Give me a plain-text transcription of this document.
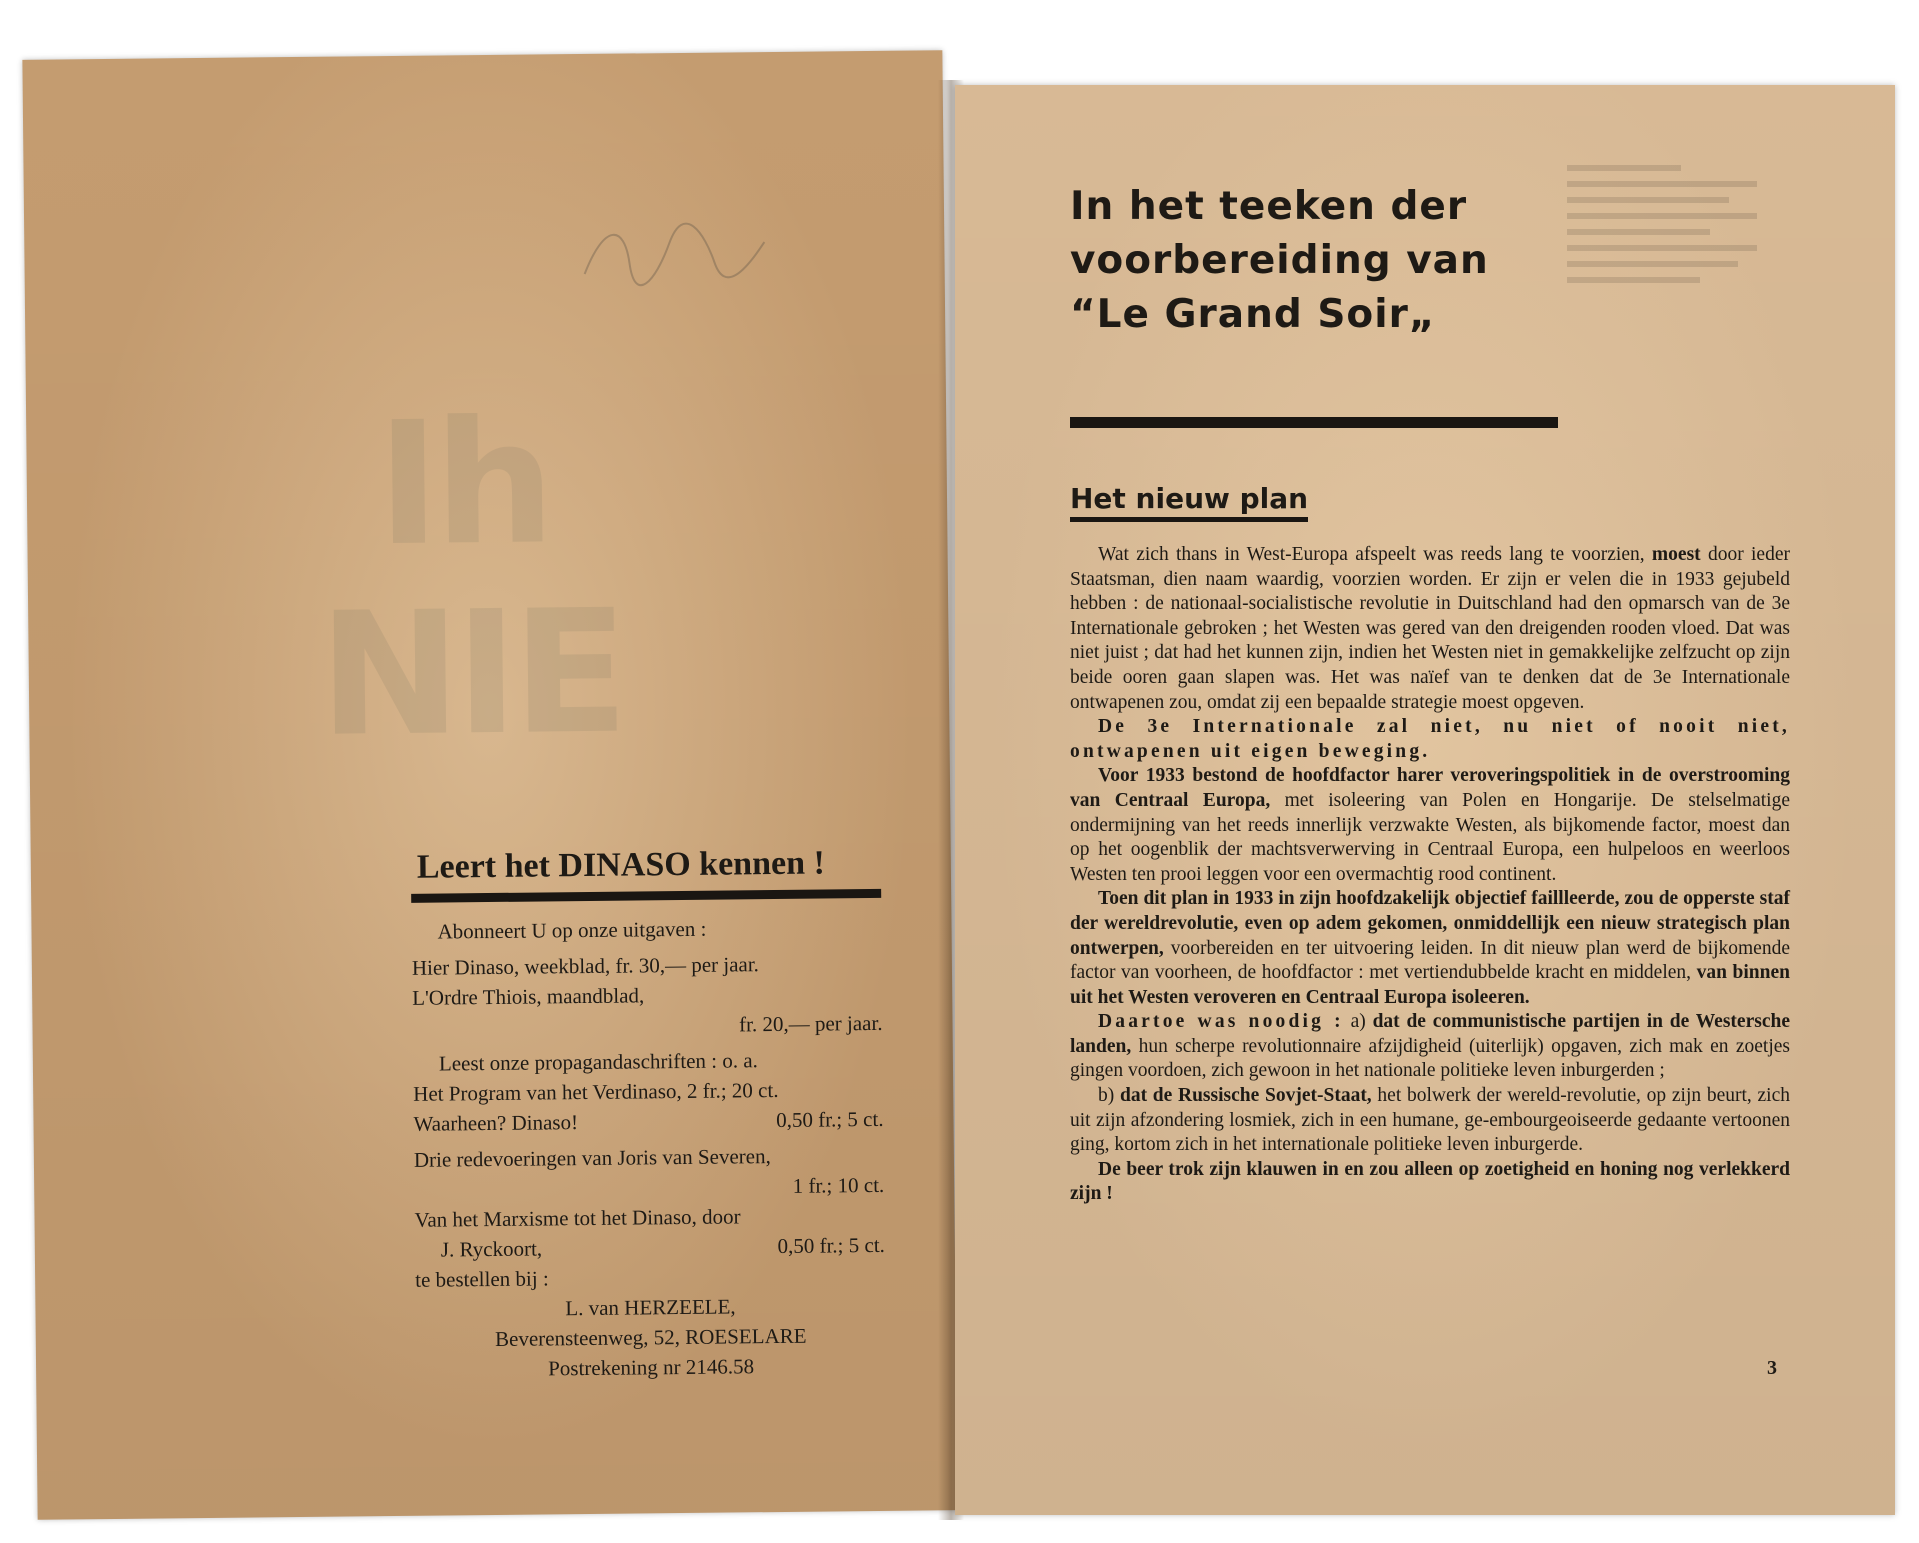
Ih
NIE
Leert het DINASO kennen !

Abonneert U op onze uitgaven :

Hier Dinaso, weekblad, fr. 30,— per jaar.

L'Ordre Thiois, maandblad,

fr. 20,— per jaar.

Leest onze propagandaschriften : o. a.

Het Program van het Verdinaso, 2 fr.; 20 ct.
Waarheen? Dinaso!	0,50 fr.; 5 ct.

Drie redevoeringen van Joris van Severen,

1 fr.; 10 ct.

Van het Marxisme tot het Dinaso, door

J. Ryckoort,	0,50 fr.; 5 ct.

te bestellen bij :

L. van HERZEELE,

Beverensteenweg, 52, ROESELARE

Postrekening nr 2146.58

In het teeken der
voorbereiding van
“Le Grand Soir„
Het nieuw plan

Wat zich thans in West-Europa afspeelt was reeds lang te voorzien, moest door ieder Staatsman, dien naam waardig, voorzien worden. Er zijn er velen die in 1933 gejubeld hebben : de nationaal-socialistische revolutie in Duitschland had den opmarsch van de 3e Internationale gebroken ; het Westen was gered van den dreigenden rooden vloed. Dat was niet juist ; dat had het kunnen zijn, indien het Westen niet in gemakkelijke zelfzucht op zijn beide ooren gaan slapen was. Het was naïef van te denken dat de 3e Internationale ontwapenen zou, omdat zij een bepaalde strategie moest opgeven.

De 3e Internationale zal niet, nu niet of nooit niet, ontwapenen uit eigen beweging.

Voor 1933 bestond de hoofdfactor harer veroveringspolitiek in de overstrooming van Centraal Europa, met isoleering van Polen en Hongarije. De stelselmatige ondermijning van het reeds innerlijk verzwakte Westen, als bijkomende factor, moest dan op het oogenblik der machtsverwerving in Centraal Europa, een hulpeloos en weerloos Westen ten prooi leggen voor een overmachtig rood continent.

Toen dit plan in 1933 in zijn hoofdzakelijk objectief faillleerde, zou de opperste staf der wereldrevolutie, even op adem gekomen, onmiddellijk een nieuw strategisch plan ontwerpen, voorbereiden en ter uitvoering leiden. In dit nieuw plan werd de bijkomende factor van voorheen, de hoofdfactor : met vertiendubbelde kracht en middelen, van binnen uit het Westen veroveren en Centraal Europa isoleeren.

Daartoe was noodig : a) dat de communistische partijen in de Westersche landen, hun scherpe revolutionnaire afzijdigheid (uiterlijk) opgaven, zich mak en zoetjes gingen voordoen, zich gewoon in het nationale politieke leven inburgerden ;

b) dat de Russische Sovjet-Staat, het bolwerk der wereld-revolutie, op zijn beurt, zich uit zijn afzondering losmiek, zich in een humane, ge-embourgeoiseerde gedaante vertoonen ging, kortom zich in het internationale politieke leven inburgerde.

De beer trok zijn klauwen in en zou alleen op zoetigheid en honing nog verlekkerd zijn !

3
